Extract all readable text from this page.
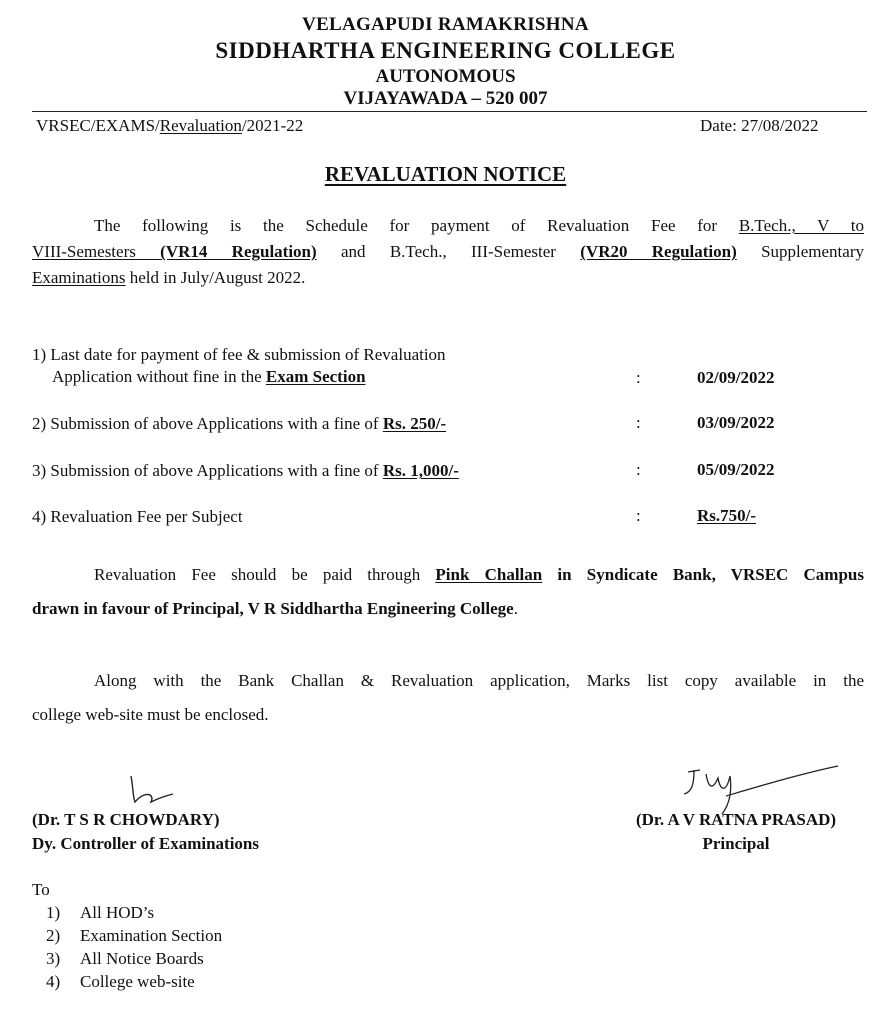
VELAGAPUDI RAMAKRISHNA
SIDDHARTHA ENGINEERING COLLEGE
AUTONOMOUS
VIJAYAWADA – 520 007
VRSEC/EXAMS/Revaluation/2021-22	Date: 27/08/2022
REVALUATION NOTICE
The following is the Schedule for payment of Revaluation Fee for B.Tech., V to
VIII-Semesters (VR14 Regulation) and B.Tech., III-Semester (VR20 Regulation) Supplementary
Examinations held in July/August 2022.
1) Last date for payment of fee & submission of Revaluation
Application without fine in the Exam Section	:	02/09/2022
2) Submission of above Applications with a fine of Rs. 250/-	:	03/09/2022
3) Submission of above Applications with a fine of Rs. 1,000/-	:	05/09/2022
4) Revaluation Fee per Subject	:	Rs.750/-
Revaluation Fee should be paid through Pink Challan in Syndicate Bank, VRSEC Campus
drawn in favour of Principal, V R Siddhartha Engineering College.
Along with the Bank Challan & Revaluation application, Marks list copy available in the
college web-site must be enclosed.
(Dr. T S R CHOWDARY)
Dy. Controller of Examinations
(Dr. A V RATNA PRASAD)
Principal
To
1) All HOD’s
2) Examination Section
3) All Notice Boards
4) College web-site
